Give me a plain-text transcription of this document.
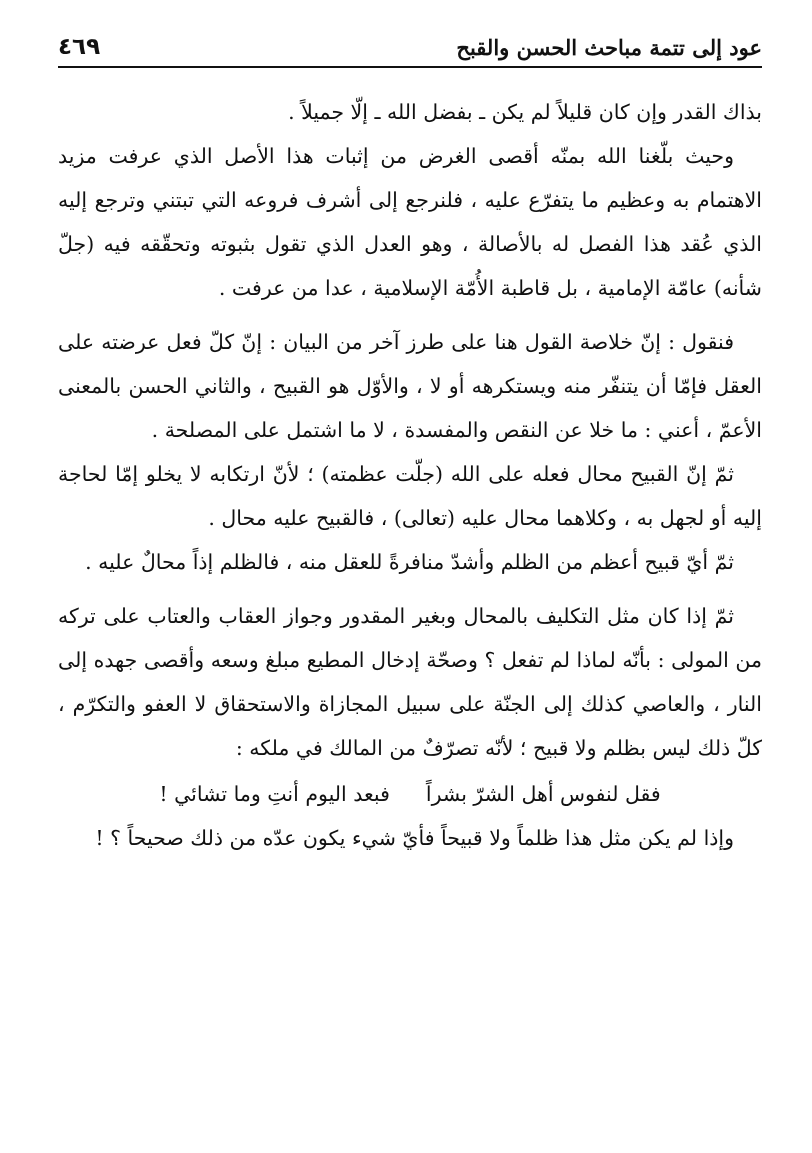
عود إلى تتمة مباحث الحسن والقبح
٤٦٩

بذاك القدر وإن كان قليلاً لم يكن ـ بفضل الله ـ إلّا جميلاً .

وحيث بلّغنا الله بمنّه أقصى الغرض من إثبات هذا الأصل الذي عرفت مزيد الاهتمام به وعظيم ما يتفرّع عليه ، فلنرجع إلى أشرف فروعه التي تبتني وترجع إليه الذي عُقد هذا الفصل له بالأصالة ، وهو العدل الذي تقول بثبوته وتحقّقه فيه (جلّ شأنه) عامّة الإمامية ، بل قاطبة الأُمّة الإسلامية ، عدا من عرفت .

فنقول : إنّ خلاصة القول هنا على طرز آخر من البيان : إنّ كلّ فعل عرضته على العقل فإمّا أن يتنفّر منه ويستكرهه أو لا ، والأوّل هو القبيح ، والثاني الحسن بالمعنى الأعمّ ، أعني : ما خلا عن النقص والمفسدة ، لا ما اشتمل على المصلحة .

ثمّ إنّ القبيح محال فعله على الله (جلّت عظمته) ؛ لأنّ ارتكابه لا يخلو إمّا لحاجة إليه أو لجهل به ، وكلاهما محال عليه (تعالى) ، فالقبيح عليه محال .

ثمّ أيّ قبيح أعظم من الظلم وأشدّ منافرةً للعقل منه ، فالظلم إذاً محالٌ عليه .

ثمّ إذا كان مثل التكليف بالمحال وبغير المقدور وجواز العقاب والعتاب على تركه من المولى : بأنّه لماذا لم تفعل ؟ وصحّة إدخال المطيع مبلغ وسعه وأقصى جهده إلى النار ، والعاصي كذلك إلى الجنّة على سبيل المجازاة والاستحقاق لا العفو والتكرّم ، كلّ ذلك ليس بظلم ولا قبيح ؛ لأنّه تصرّفٌ من المالك في ملكه :

فقل لنفوس أهل الشرّ بشراً
فبعد اليوم أنتِ وما تشائي !

وإذا لم يكن مثل هذا ظلماً ولا قبيحاً فأيّ شيء يكون عدّه من ذلك صحيحاً ؟ !
